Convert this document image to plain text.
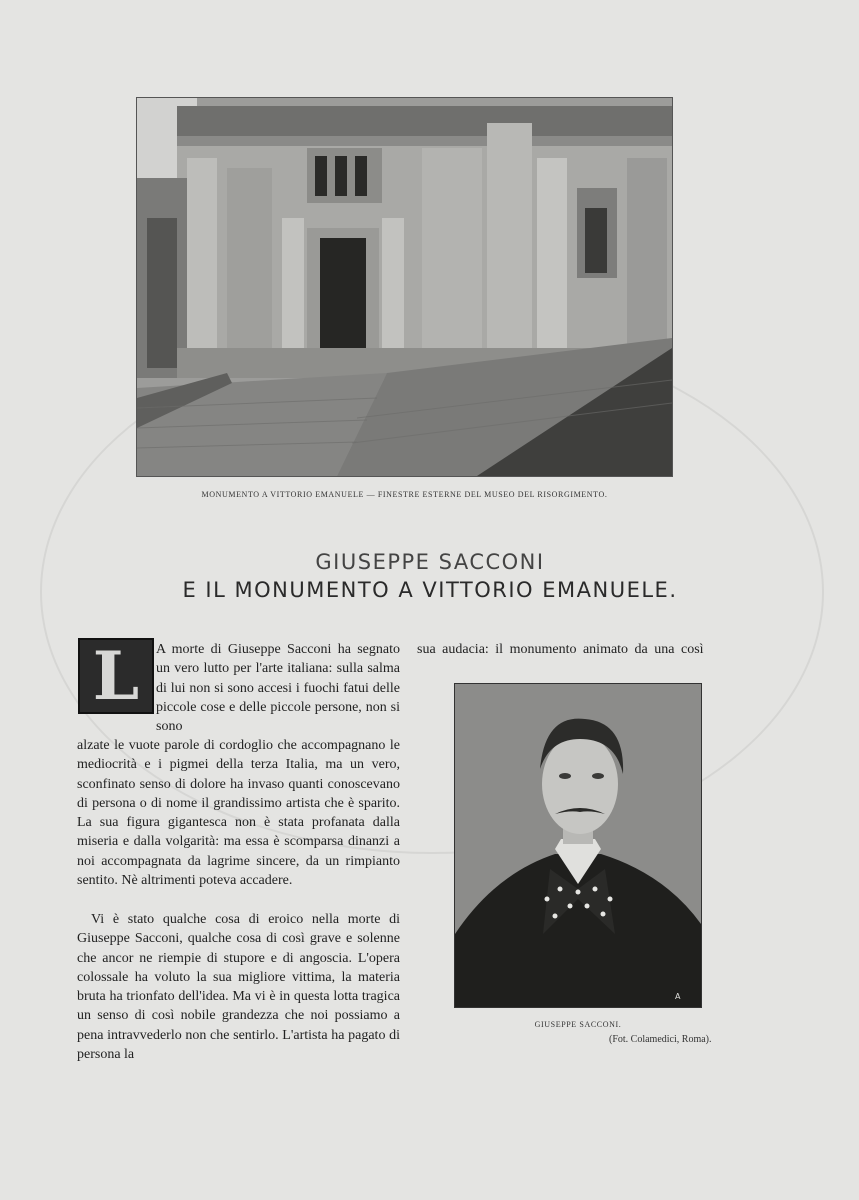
MONUMENTO A VITTORIO EMANUELE — FINESTRE ESTERNE DEL MUSEO DEL RISORGIMENTO.
GIUSEPPE SACCONI
E IL MONUMENTO A VITTORIO EMANUELE.
L	A morte di Giuseppe Sacconi ha segnato un vero lutto per l'arte italiana: sulla salma di lui non si sono accesi i fuochi fatui delle piccole cose e delle piccole persone, non si sono
alzate le vuote parole di cordoglio che accompagnano le mediocrità e i pigmei della terza Italia, ma un vero, sconfinato senso di dolore ha invaso quanti conoscevano di persona o di nome il grandissimo artista che è sparito. La sua figura gigantesca non è stata profanata dalla miseria e dalla volgarità: ma essa è scomparsa dinanzi a noi accompagnata da lagrime sincere, da un rimpianto sentito. Nè altrimenti poteva accadere.
Vi è stato qualche cosa di eroico nella morte di Giuseppe Sacconi, qualche cosa di così grave e solenne che ancor ne riempie di stupore e di angoscia. L'opera colossale ha voluto la sua migliore vittima, la materia bruta ha trionfato dell'idea. Ma vi è in questa lotta tragica un senso di così nobile grandezza che noi possiamo a pena intravvederlo non che sentirlo. L'artista ha pagato di persona la
sua audacia: il monumento animato da una così
A
GIUSEPPE SACCONI.
(Fot. Colamedici, Roma).
